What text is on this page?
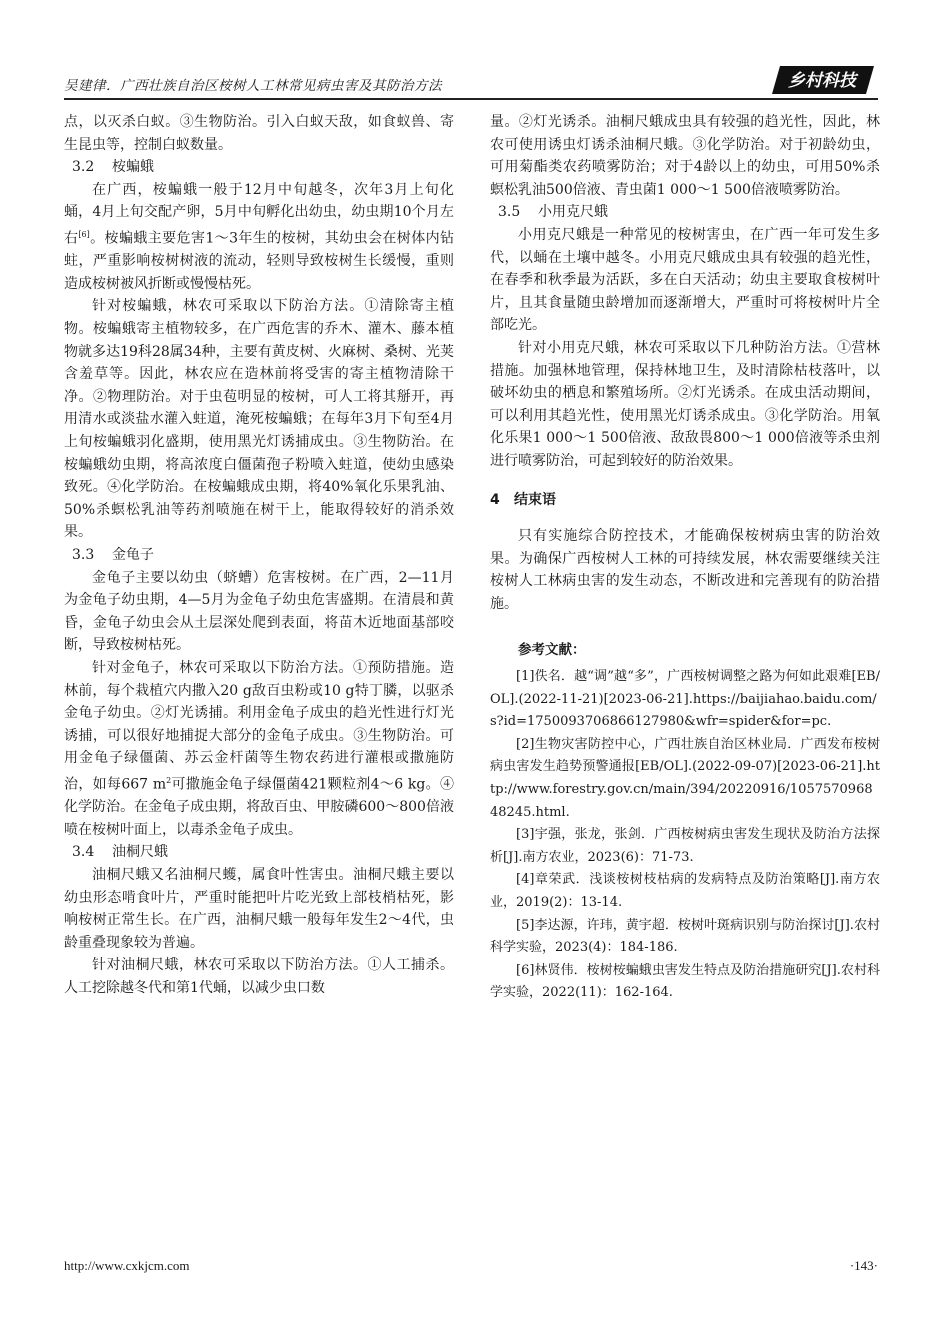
吴建律．广西壮族自治区桉树人工林常见病虫害及其防治方法	乡村科技

点，以灭杀白蚁。③生物防治。引入白蚁天敌，如食蚁兽、寄生昆虫等，控制白蚁数量。

3.2 桉蝙蛾

在广西，桉蝙蛾一般于12月中旬越冬，次年3月上旬化蛹，4月上旬交配产卵，5月中旬孵化出幼虫，幼虫期10个月左右[6]。桉蝙蛾主要危害1～3年生的桉树，其幼虫会在树体内钻蛀，严重影响桉树树液的流动，轻则导致桉树生长缓慢，重则造成桉树被风折断或慢慢枯死。

针对桉蝙蛾，林农可采取以下防治方法。①清除寄主植物。桉蝙蛾寄主植物较多，在广西危害的乔木、灌木、藤本植物就多达19科28属34种，主要有黄皮树、火麻树、桑树、光荚含羞草等。因此，林农应在造林前将受害的寄主植物清除干净。②物理防治。对于虫苞明显的桉树，可人工将其掰开，再用清水或淡盐水灌入蛀道，淹死桉蝙蛾；在每年3月下旬至4月上旬桉蝙蛾羽化盛期，使用黑光灯诱捕成虫。③生物防治。在桉蝙蛾幼虫期，将高浓度白僵菌孢子粉喷入蛀道，使幼虫感染致死。④化学防治。在桉蝙蛾成虫期，将40%氧化乐果乳油、50%杀螟松乳油等药剂喷施在树干上，能取得较好的消杀效果。

3.3 金龟子

金龟子主要以幼虫（蛴螬）危害桉树。在广西，2—11月为金龟子幼虫期，4—5月为金龟子幼虫危害盛期。在清晨和黄昏，金龟子幼虫会从土层深处爬到表面，将苗木近地面基部咬断，导致桉树枯死。

针对金龟子，林农可采取以下防治方法。①预防措施。造林前，每个栽植穴内撒入20 g敌百虫粉或10 g特丁膦，以驱杀金龟子幼虫。②灯光诱捕。利用金龟子成虫的趋光性进行灯光诱捕，可以很好地捕捉大部分的金龟子成虫。③生物防治。可用金龟子绿僵菌、苏云金杆菌等生物农药进行灌根或撒施防治，如每667 $m^2$可撒施金龟子绿僵菌421颗粒剂4～6 kg。④化学防治。在金龟子成虫期，将敌百虫、甲胺磷600～800倍液喷在桉树叶面上，以毒杀金龟子成虫。

3.4 油桐尺蛾

油桐尺蛾又名油桐尺蠖，属食叶性害虫。油桐尺蛾主要以幼虫形态啃食叶片，严重时能把叶片吃光致上部枝梢枯死，影响桉树正常生长。在广西，油桐尺蛾一般每年发生2～4代，虫龄重叠现象较为普遍。

针对油桐尺蛾，林农可采取以下防治方法。①人工捕杀。人工挖除越冬代和第1代蛹，以减少虫口数

量。②灯光诱杀。油桐尺蛾成虫具有较强的趋光性，因此，林农可使用诱虫灯诱杀油桐尺蛾。③化学防治。对于初龄幼虫，可用菊酯类农药喷雾防治；对于4龄以上的幼虫，可用50%杀螟松乳油500倍液、青虫菌1 000～1 500倍液喷雾防治。

3.5 小用克尺蛾

小用克尺蛾是一种常见的桉树害虫，在广西一年可发生多代，以蛹在土壤中越冬。小用克尺蛾成虫具有较强的趋光性，在春季和秋季最为活跃，多在白天活动；幼虫主要取食桉树叶片，且其食量随虫龄增加而逐渐增大，严重时可将桉树叶片全部吃光。

针对小用克尺蛾，林农可采取以下几种防治方法。①营林措施。加强林地管理，保持林地卫生，及时清除枯枝落叶，以破坏幼虫的栖息和繁殖场所。②灯光诱杀。在成虫活动期间，可以利用其趋光性，使用黑光灯诱杀成虫。③化学防治。用氧化乐果1 000～1 500倍液、敌敌畏800～1 000倍液等杀虫剂进行喷雾防治，可起到较好的防治效果。

4 结束语

只有实施综合防控技术，才能确保桉树病虫害的防治效果。为确保广西桉树人工林的可持续发展，林农需要继续关注桉树人工林病虫害的发生动态，不断改进和完善现有的防治措施。

参考文献：

[1]佚名．越“调”越“多”，广西桉树调整之路为何如此艰难[EB/OL].(2022-11-21)[2023-06-21].https://baijiahao.baidu.com/s?id=1750093706866127980&wfr=spider&for=pc.

[2]生物灾害防控中心，广西壮族自治区林业局．广西发布桉树病虫害发生趋势预警通报[EB/OL].(2022-09-07)[2023-06-21].http://www.forestry.gov.cn/main/394/20220916/105757096848245.html.

[3]宇强，张龙，张剑．广西桉树病虫害发生现状及防治方法探析[J].南方农业，2023(6)：71-73.

[4]章荣武．浅谈桉树枝枯病的发病特点及防治策略[J].南方农业，2019(2)：13-14.

[5]李达源，许玮，黄宇超．桉树叶斑病识别与防治探讨[J].农村科学实验，2023(4)：184-186.

[6]林贤伟．桉树桉蝙蛾虫害发生特点及防治措施研究[J].农村科学实验，2022(11)：162-164.

http://www.cxkjcm.com	·143·
